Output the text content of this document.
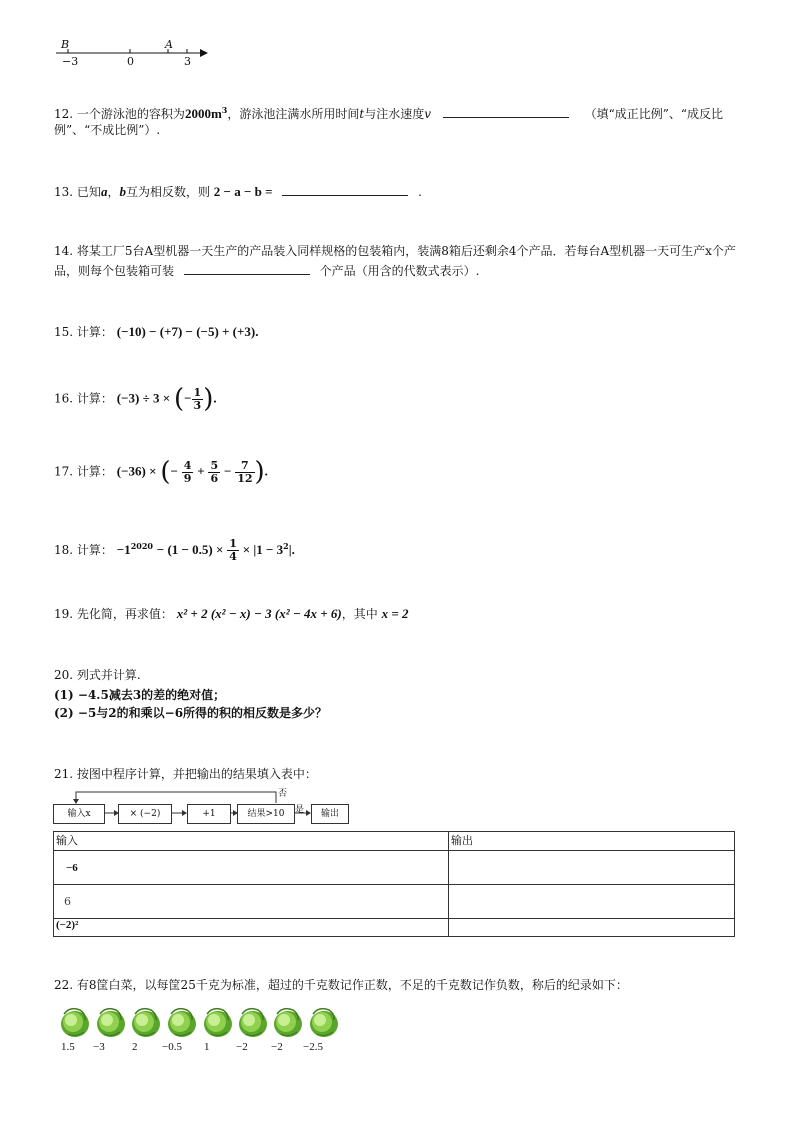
B	A
−3	0	3
12. 一个游泳池的容积为$2000m^3$，游泳池注满水所用时间t与注水速度v	（填“成正比例”、“成反比
例”、“不成比例”）.
13. 已知a，b互为相反数，则 2 − a − b =	.
14. 将某工厂5台A型机器一天生产的产品装入同样规格的包装箱内，装满8箱后还剩余4个产品．若每台A型机器一天可生产x个产
品，则每个包装箱可装	个产品（用含的代数式表示）.
15. 计算： (−10) − (+7) − (−5) + (+3).
16. 计算： (−3) ÷ 3 × (− $\frac{1}{3}$ ).
17. 计算： (−36) × (− $\frac{4}{9} + \frac{5}{6} - \frac{7}{12}$ ).
18. 计算： $-1^{2020} - (1 - 0.5) \times \frac{1}{4} \times |1 - 3^2|$.
19. 先化简，再求值： x² + 2 (x² − x) − 3 (x² − 4x + 6)，其中 x = 2
20. 列式并计算.
(1) −4.5减去3的差的绝对值；
(2) −5与2的和乘以−6所得的积的相反数是多少？
21. 按图中程序计算，并把输出的结果填入表中：
输入x	× (−2)	+1	结果>10	输出
否
是
输入	输出
−6	
6	
(−2)²	
22. 有8筐白菜，以每筐25千克为标准，超过的千克数记作正数，不足的千克数记作负数，称后的纪录如下：
1.5 −3 2 −0.5 1 −2 −2 −2.5
